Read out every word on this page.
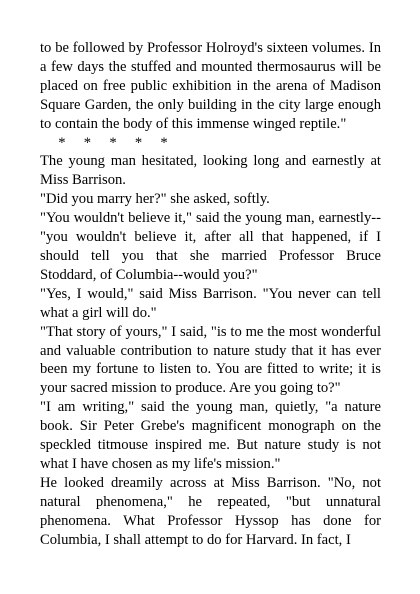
to be followed by Professor Holroyd's sixteen volumes. In a few days the stuffed and mounted thermosaurus will be placed on free public exhibition in the arena of Madison Square Garden, the only building in the city large enough to contain the body of this immense winged reptile."

*     *     *     *     *

The young man hesitated, looking long and earnestly at Miss Barrison.

"Did you marry her?" she asked, softly.

"You wouldn't believe it," said the young man, earnestly--"you wouldn't believe it, after all that happened, if I should tell you that she married Professor Bruce Stoddard, of Columbia--would you?"

"Yes, I would," said Miss Barrison. "You never can tell what a girl will do."

"That story of yours," I said, "is to me the most wonderful and valuable contribution to nature study that it has ever been my fortune to listen to. You are fitted to write; it is your sacred mission to produce. Are you going to?"

"I am writing," said the young man, quietly, "a nature book. Sir Peter Grebe's magnificent monograph on the speckled titmouse inspired me. But nature study is not what I have chosen as my life's mission."

He looked dreamily across at Miss Barrison. "No, not natural phenomena," he repeated, "but unnatural phenomena. What Professor Hyssop has done for Columbia, I shall attempt to do for Harvard. In fact, I
